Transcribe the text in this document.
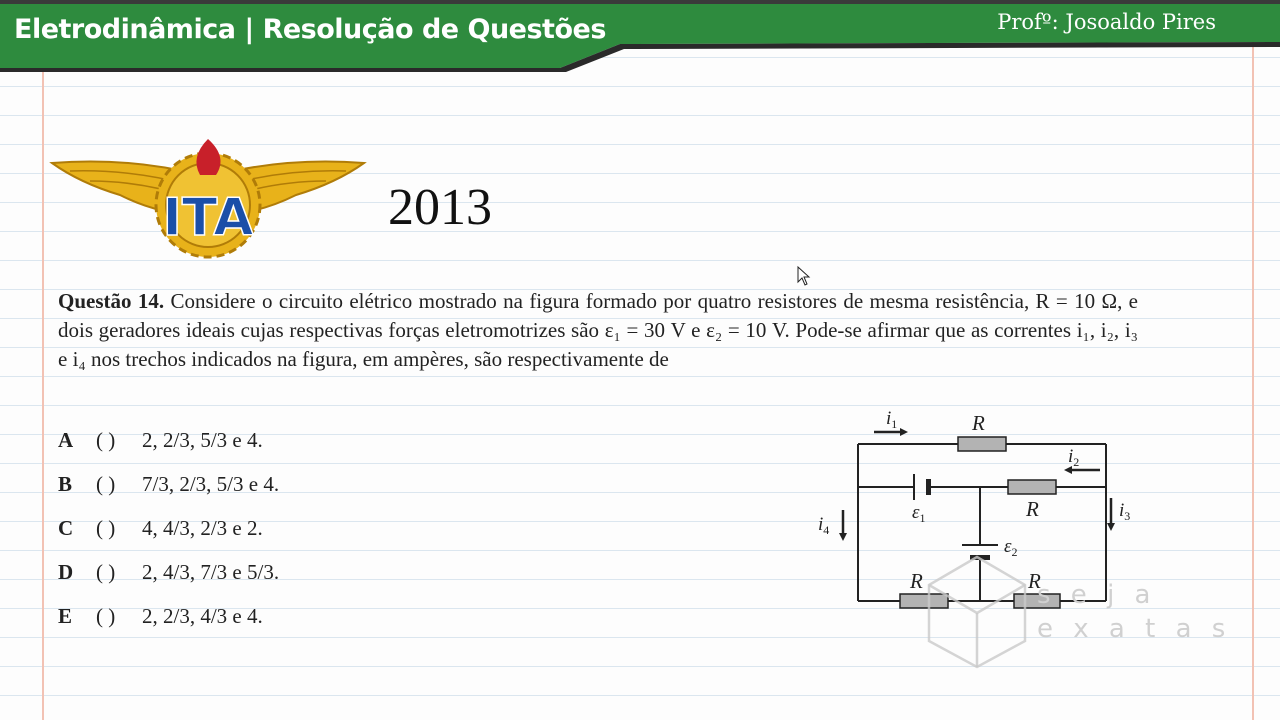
Eletrodinâmica | Resolução de Questões	Profº: Josoaldo Pires
ITA	2013
Questão 14. Considere o circuito elétrico mostrado na figura formado por quatro resistores de mesma resistência, R = 10 Ω, e dois geradores ideais cujas respectivas forças eletromotrizes são ε₁ = 30 V e ε₂ = 10 V. Pode-se afirmar que as correntes i₁, i₂, i₃ e i₄ nos trechos indicados na figura, em ampères, são respectivamente de
A ( ) 2, 2/3, 5/3 e 4.
B ( ) 7/3, 2/3, 5/3 e 4.
C ( ) 4, 4/3, 2/3 e 2.
D ( ) 2, 4/3, 7/3 e 5/3.
E ( ) 2, 2/3, 4/3 e 4.
$i_1$	R
$i_2$
$\varepsilon_1$	R
$i_4$
$i_3$
$\varepsilon_2$
R	R
s e j a
e x a t a s
